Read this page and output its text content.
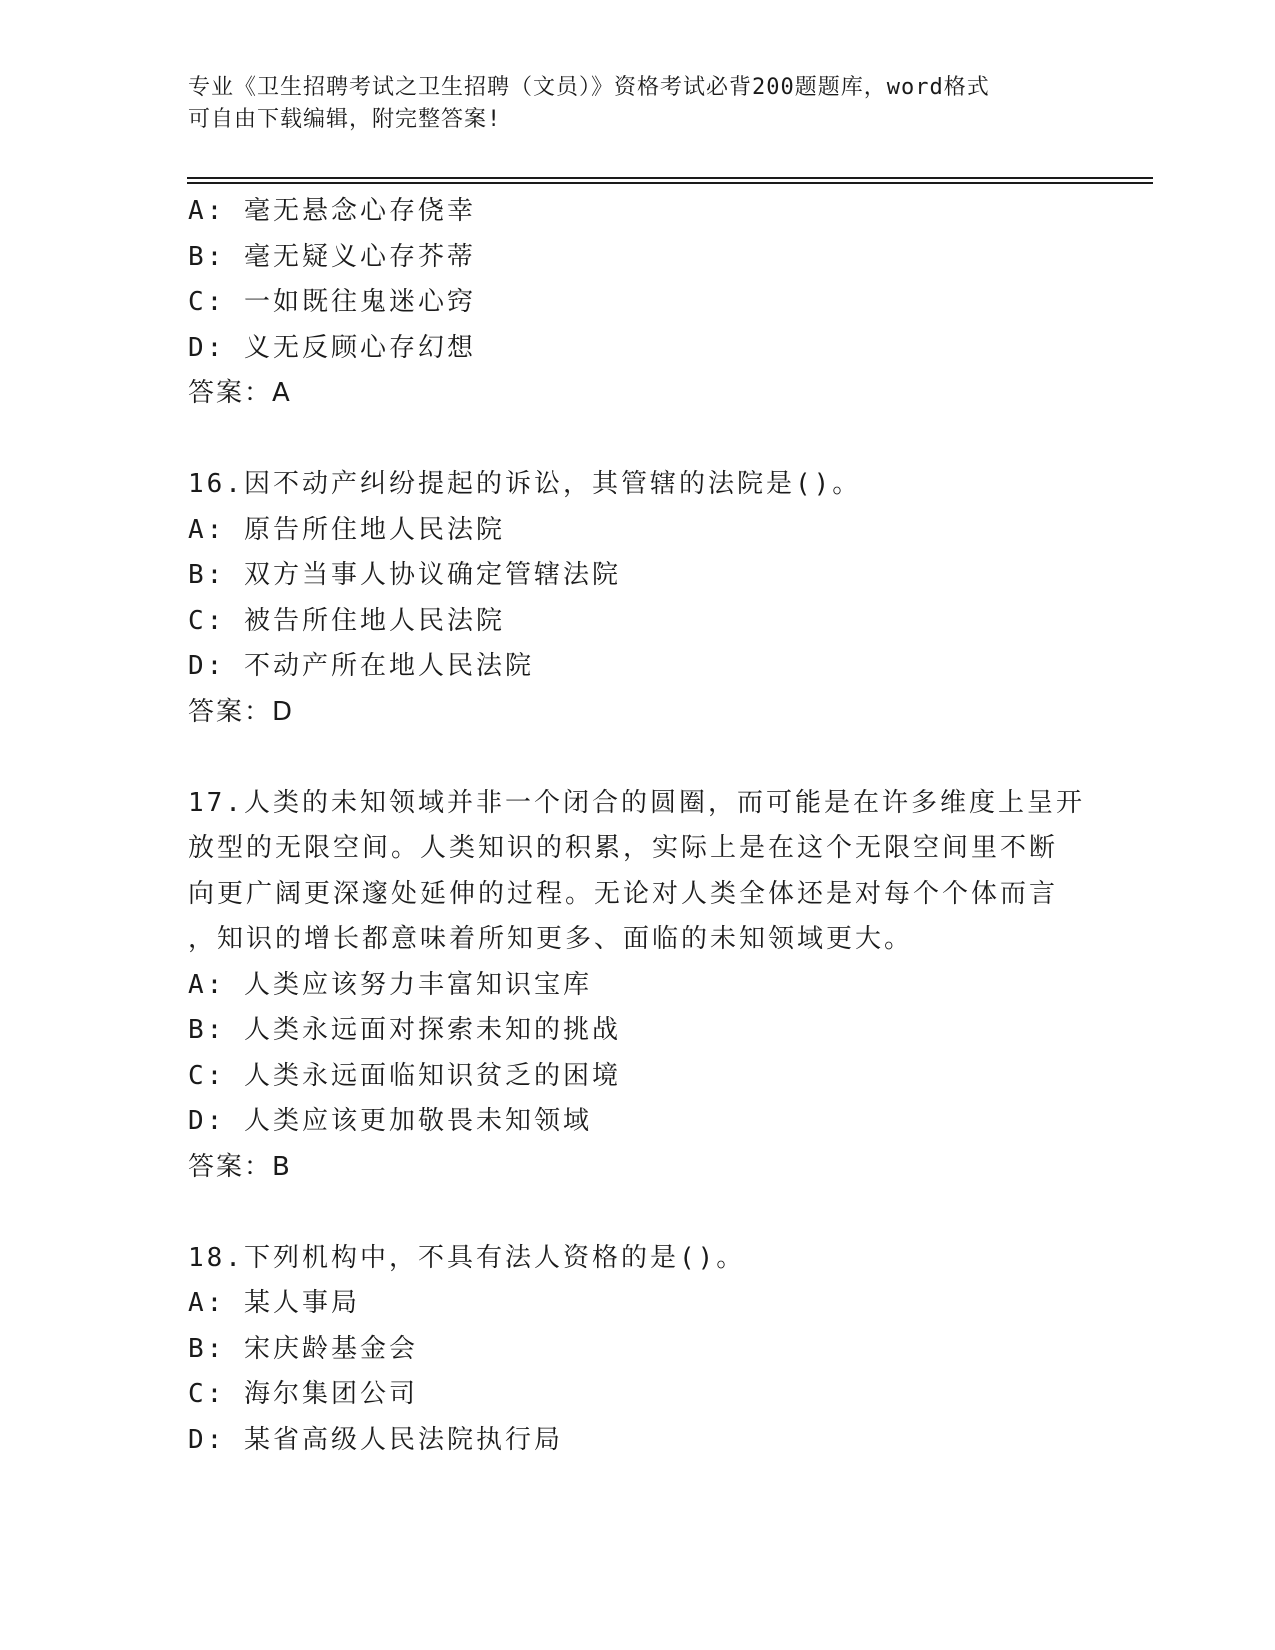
专业《卫生招聘考试之卫生招聘（文员）》资格考试必背200题题库，word格式
可自由下载编辑，附完整答案!
A: 毫无悬念心存侥幸
B: 毫无疑义心存芥蒂
C: 一如既往鬼迷心窍
D: 义无反顾心存幻想
答案：A
16.因不动产纠纷提起的诉讼，其管辖的法院是()。
A: 原告所住地人民法院
B: 双方当事人协议确定管辖法院
C: 被告所住地人民法院
D: 不动产所在地人民法院
答案：D
17.人类的未知领域并非一个闭合的圆圈，而可能是在许多维度上呈开
放型的无限空间。人类知识的积累，实际上是在这个无限空间里不断
向更广阔更深邃处延伸的过程。无论对人类全体还是对每个个体而言
，知识的增长都意味着所知更多、面临的未知领域更大。
A: 人类应该努力丰富知识宝库
B: 人类永远面对探索未知的挑战
C: 人类永远面临知识贫乏的困境
D: 人类应该更加敬畏未知领域
答案：B
18.下列机构中，不具有法人资格的是()。
A: 某人事局
B: 宋庆龄基金会
C: 海尔集团公司
D: 某省高级人民法院执行局
